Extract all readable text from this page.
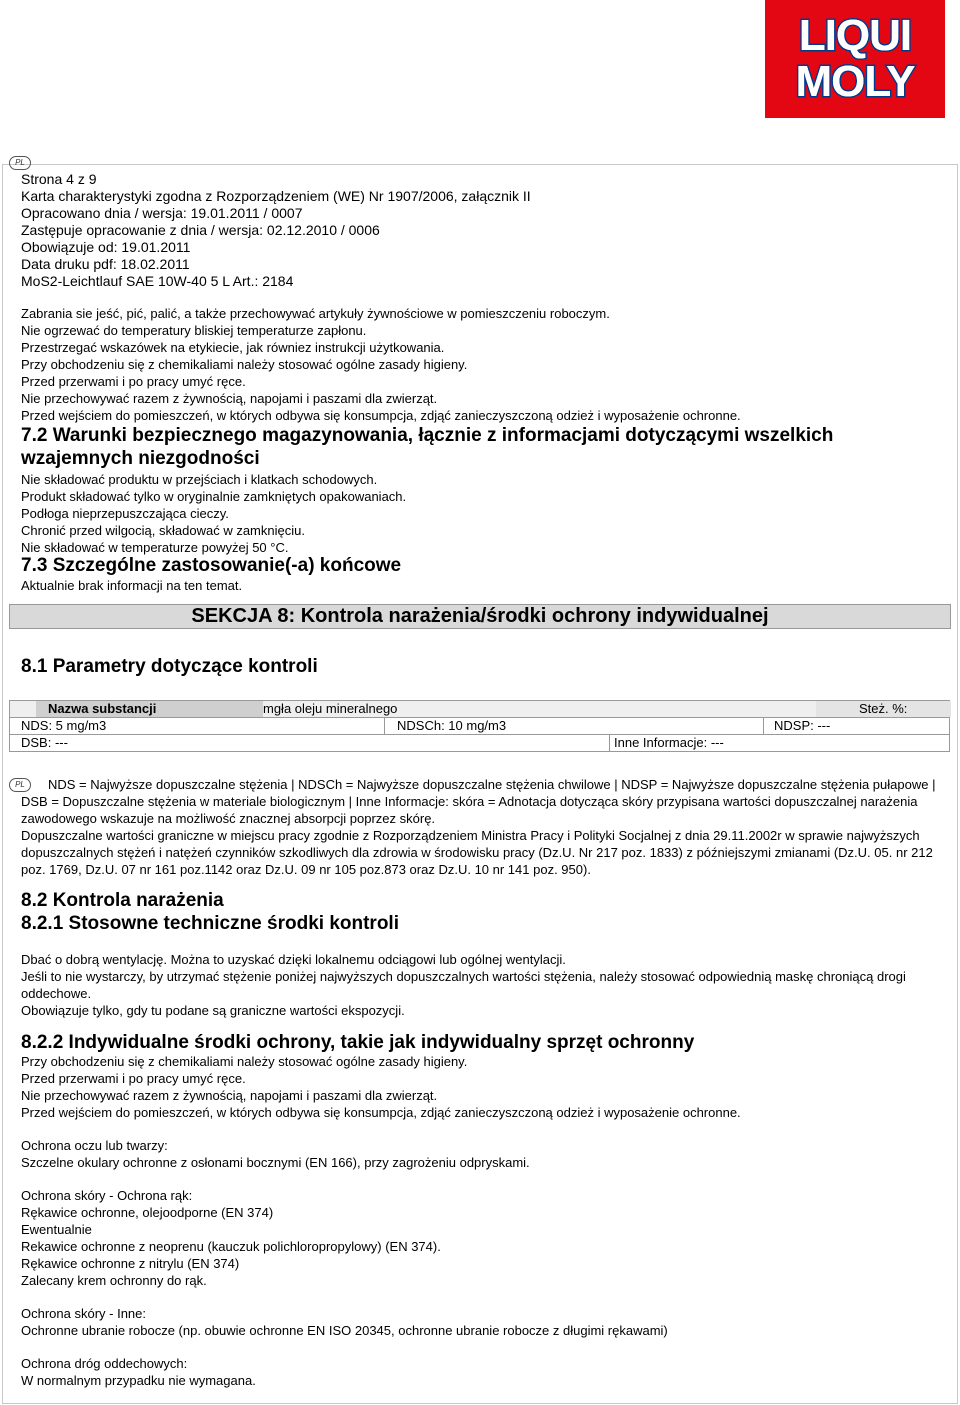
LIQUI
MOLY
PL
Strona 4 z 9
Karta charakterystyki zgodna z Rozporządzeniem (WE) Nr 1907/2006, załącznik II
Opracowano dnia / wersja: 19.01.2011 / 0007
Zastępuje opracowanie z dnia / wersja: 02.12.2010 / 0006
Obowiązuje od: 19.01.2011
Data druku pdf: 18.02.2011
MoS2-Leichtlauf SAE 10W-40 5 L Art.: 2184
Zabrania sie jeść, pić, palić, a także przechowywać artykuły żywnościowe w pomieszczeniu roboczym.
Nie ogrzewać do temperatury bliskiej temperaturze zapłonu.
Przestrzegać wskazówek na etykiecie, jak równiez instrukcji użytkowania.
Przy obchodzeniu się z chemikaliami należy stosować ogólne zasady higieny.
Przed przerwami i po pracy umyć ręce.
Nie przechowywać razem z żywnością, napojami i paszami dla zwierząt.
Przed wejściem do pomieszczeń, w których odbywa się konsumpcja, zdjąć zanieczyszczoną odzież i wyposażenie ochronne.
7.2 Warunki bezpiecznego magazynowania, łącznie z informacjami dotyczącymi wszelkich
wzajemnych niezgodności
Nie składować produktu w przejściach i klatkach schodowych.
Produkt składować tylko w oryginalnie zamkniętych opakowaniach.
Podłoga nieprzepuszczająca cieczy.
Chronić przed wilgocią, składować w zamknięciu.
Nie składować w temperaturze powyżej 50 °C.
7.3 Szczególne zastosowanie(-a) końcowe
Aktualnie brak informacji na ten temat.
SEKCJA 8: Kontrola narażenia/środki ochrony indywidualnej
8.1 Parametry dotyczące kontroli
Nazwa substancji	mgła oleju mineralnego	Steż. %:
NDS: 5 mg/m3	NDSCh: 10 mg/m3	NDSP: ---
DSB: ---	Inne Informacje: ---
PL	NDS = Najwyższe dopuszczalne stężenia | NDSCh = Najwyższe dopuszczalne stężenia chwilowe | NDSP = Najwyższe dopuszczalne stężenia pułapowe | DSB = Dopuszczalne stężenia w materiale biologicznym | Inne Informacje: skóra = Adnotacja dotycząca skóry przypisana wartości dopuszczalnej narażenia zawodowego wskazuje na możliwość znacznej absorpcji poprzez skórę.
Dopuszczalne wartości graniczne w miejscu pracy zgodnie z Rozporządzeniem Ministra Pracy i Polityki Socjalnej z dnia 29.11.2002r w sprawie najwyższych dopuszczalnych stężeń i natężeń czynników szkodliwych dla zdrowia w środowisku pracy (Dz.U. Nr 217 poz. 1833) z późniejszymi zmianami (Dz.U. 05. nr 212 poz. 1769, Dz.U. 07 nr 161 poz.1142 oraz Dz.U. 09 nr 105 poz.873 oraz Dz.U. 10 nr 141 poz. 950).
8.2 Kontrola narażenia
8.2.1 Stosowne techniczne środki kontroli
Dbać o dobrą wentylację. Można to uzyskać dzięki lokalnemu odciągowi lub ogólnej wentylacji.
Jeśli to nie wystarczy, by utrzymać stężenie poniżej najwyższych dopuszczalnych wartości stężenia, należy stosować odpowiednią maskę chroniącą drogi oddechowe.
Obowiązuje tylko, gdy tu podane są graniczne wartości ekspozycji.
8.2.2 Indywidualne środki ochrony, takie jak indywidualny sprzęt ochronny
Przy obchodzeniu się z chemikaliami należy stosować ogólne zasady higieny.
Przed przerwami i po pracy umyć ręce.
Nie przechowywać razem z żywnością, napojami i paszami dla zwierząt.
Przed wejściem do pomieszczeń, w których odbywa się konsumpcja, zdjąć zanieczyszczoną odzież i wyposażenie ochronne.
Ochrona oczu lub twarzy:
Szczelne okulary ochronne z osłonami bocznymi (EN 166), przy zagrożeniu odpryskami.
Ochrona skóry - Ochrona rąk:
Rękawice ochronne, olejoodporne (EN 374)
Ewentualnie
Rekawice ochronne z neoprenu (kauczuk polichloropropylowy) (EN 374).
Rękawice ochronne z nitrylu (EN 374)
Zalecany krem ochronny do rąk.
Ochrona skóry - Inne:
Ochronne ubranie robocze (np. obuwie ochronne EN ISO 20345, ochronne ubranie robocze z długimi rękawami)
Ochrona dróg oddechowych:
W normalnym przypadku nie wymagana.
